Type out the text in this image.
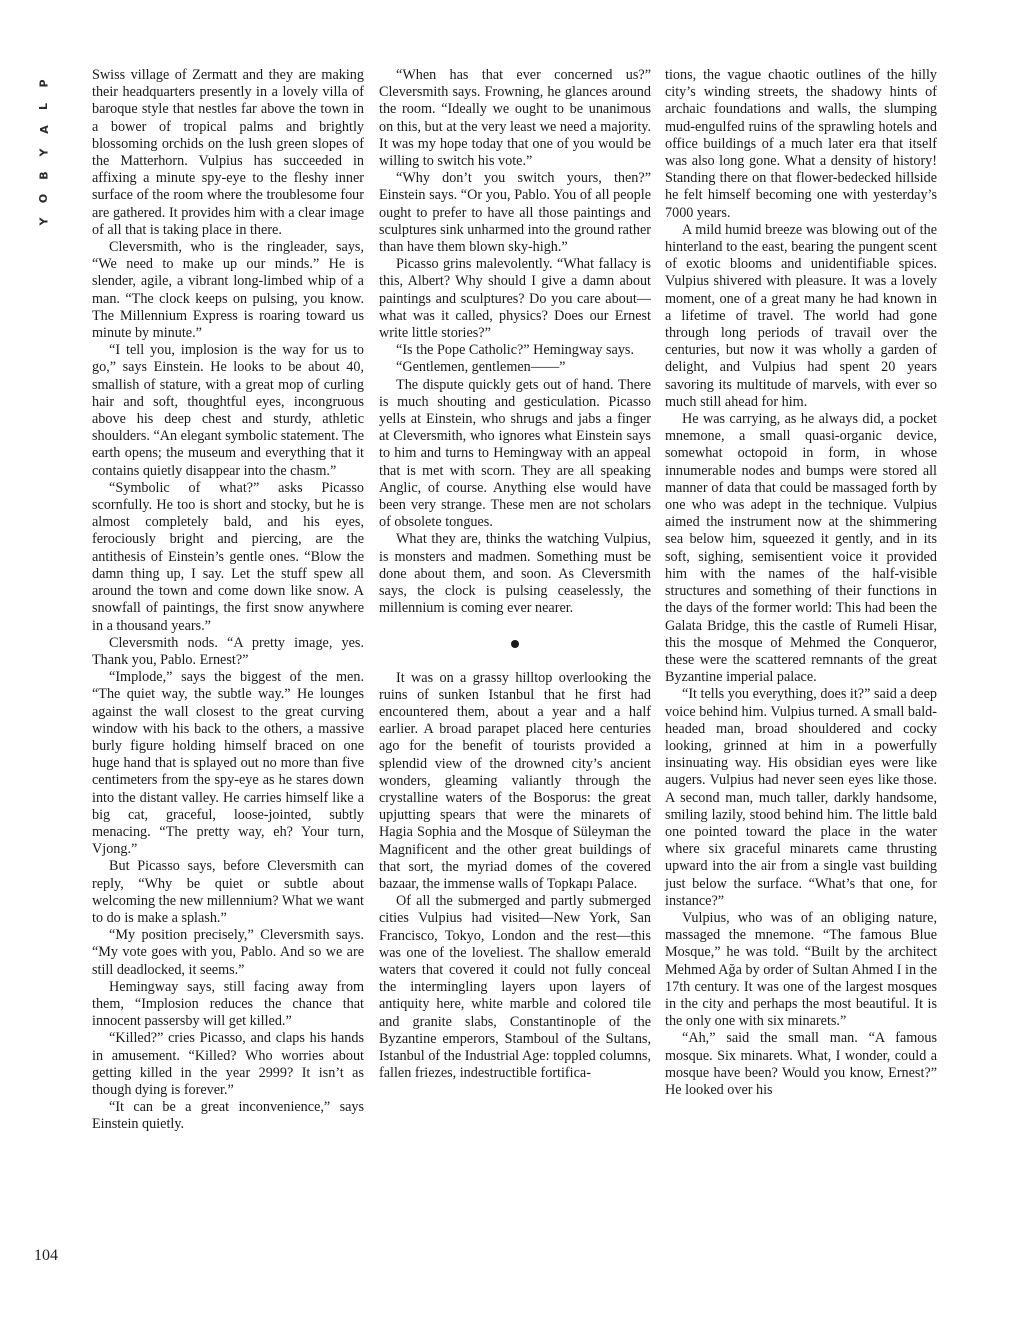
P
L
A
Y
B
O
Y

Swiss village of Zermatt and they are making their headquarters presently in a lovely villa of baroque style that nestles far above the town in a bower of tropical palms and brightly blossoming orchids on the lush green slopes of the Matterhorn. Vulpius has succeeded in affixing a minute spy-eye to the fleshy inner surface of the room where the troublesome four are gathered. It provides him with a clear image of all that is taking place in there.

Cleversmith, who is the ringleader, says, “We need to make up our minds.” He is slender, agile, a vibrant long-limbed whip of a man. “The clock keeps on pulsing, you know. The Millennium Express is roaring toward us minute by minute.”

“I tell you, implosion is the way for us to go,” says Einstein. He looks to be about 40, smallish of stature, with a great mop of curling hair and soft, thoughtful eyes, incongruous above his deep chest and sturdy, athletic shoulders. “An elegant symbolic statement. The earth opens; the museum and everything that it contains quietly disappear into the chasm.”

“Symbolic of what?” asks Picasso scornfully. He too is short and stocky, but he is almost completely bald, and his eyes, ferociously bright and piercing, are the antithesis of Einstein’s gentle ones. “Blow the damn thing up, I say. Let the stuff spew all around the town and come down like snow. A snowfall of paintings, the first snow anywhere in a thousand years.”

Cleversmith nods. “A pretty image, yes. Thank you, Pablo. Ernest?”

“Implode,” says the biggest of the men. “The quiet way, the subtle way.” He lounges against the wall closest to the great curving window with his back to the others, a massive burly figure holding himself braced on one huge hand that is splayed out no more than five centimeters from the spy-eye as he stares down into the distant valley. He carries himself like a big cat, graceful, loose-jointed, subtly menacing. “The pretty way, eh? Your turn, Vjong.”

But Picasso says, before Cleversmith can reply, “Why be quiet or subtle about welcoming the new millennium? What we want to do is make a splash.”

“My position precisely,” Cleversmith says. “My vote goes with you, Pablo. And so we are still deadlocked, it seems.”

Hemingway says, still facing away from them, “Implosion reduces the chance that innocent passersby will get killed.”

“Killed?” cries Picasso, and claps his hands in amusement. “Killed? Who worries about getting killed in the year 2999? It isn’t as though dying is forever.”

“It can be a great inconvenience,” says Einstein quietly.

“When has that ever concerned us?” Cleversmith says. Frowning, he glances around the room. “Ideally we ought to be unanimous on this, but at the very least we need a majority. It was my hope today that one of you would be willing to switch his vote.”

“Why don’t you switch yours, then?” Einstein says. “Or you, Pablo. You of all people ought to prefer to have all those paintings and sculptures sink unharmed into the ground rather than have them blown sky-high.”

Picasso grins malevolently. “What fallacy is this, Albert? Why should I give a damn about paintings and sculptures? Do you care about—what was it called, physics? Does our Ernest write little stories?”

“Is the Pope Catholic?” Hemingway says.

“Gentlemen, gentlemen——”

The dispute quickly gets out of hand. There is much shouting and gesticulation. Picasso yells at Einstein, who shrugs and jabs a finger at Cleversmith, who ignores what Einstein says to him and turns to Hemingway with an appeal that is met with scorn. They are all speaking Anglic, of course. Anything else would have been very strange. These men are not scholars of obsolete tongues.

What they are, thinks the watching Vulpius, is monsters and madmen. Something must be done about them, and soon. As Cleversmith says, the clock is pulsing ceaselessly, the millennium is coming ever nearer.

It was on a grassy hilltop overlooking the ruins of sunken Istanbul that he first had encountered them, about a year and a half earlier. A broad parapet placed here centuries ago for the benefit of tourists provided a splendid view of the drowned city’s ancient wonders, gleaming valiantly through the crystalline waters of the Bosporus: the great upjutting spears that were the minarets of Hagia Sophia and the Mosque of Süleyman the Magnificent and the other great buildings of that sort, the myriad domes of the covered bazaar, the immense walls of Topkapı Palace.

Of all the submerged and partly submerged cities Vulpius had visited—New York, San Francisco, Tokyo, London and the rest—this was one of the loveliest. The shallow emerald waters that covered it could not fully conceal the intermingling layers upon layers of antiquity here, white marble and colored tile and granite slabs, Constantinople of the Byzantine emperors, Stamboul of the Sultans, Istanbul of the Industrial Age: toppled columns, fallen friezes, indestructible fortifica-

tions, the vague chaotic outlines of the hilly city’s winding streets, the shadowy hints of archaic foundations and walls, the slumping mud-engulfed ruins of the sprawling hotels and office buildings of a much later era that itself was also long gone. What a density of history! Standing there on that flower-bedecked hillside he felt himself becoming one with yesterday’s 7000 years.

A mild humid breeze was blowing out of the hinterland to the east, bearing the pungent scent of exotic blooms and unidentifiable spices. Vulpius shivered with pleasure. It was a lovely moment, one of a great many he had known in a lifetime of travel. The world had gone through long periods of travail over the centuries, but now it was wholly a garden of delight, and Vulpius had spent 20 years savoring its multitude of marvels, with ever so much still ahead for him.

He was carrying, as he always did, a pocket mnemone, a small quasi-organic device, somewhat octopoid in form, in whose innumerable nodes and bumps were stored all manner of data that could be massaged forth by one who was adept in the technique. Vulpius aimed the instrument now at the shimmering sea below him, squeezed it gently, and in its soft, sighing, semisentient voice it provided him with the names of the half-visible structures and something of their functions in the days of the former world: This had been the Galata Bridge, this the castle of Rumeli Hisar, this the mosque of Mehmed the Conqueror, these were the scattered remnants of the great Byzantine imperial palace.

“It tells you everything, does it?” said a deep voice behind him. Vulpius turned. A small bald-headed man, broad shouldered and cocky looking, grinned at him in a powerfully insinuating way. His obsidian eyes were like augers. Vulpius had never seen eyes like those. A second man, much taller, darkly handsome, smiling lazily, stood behind him. The little bald one pointed toward the place in the water where six graceful minarets came thrusting upward into the air from a single vast building just below the surface. “What’s that one, for instance?”

Vulpius, who was of an obliging nature, massaged the mnemone. “The famous Blue Mosque,” he was told. “Built by the architect Mehmed Ağa by order of Sultan Ahmed I in the 17th century. It was one of the largest mosques in the city and perhaps the most beautiful. It is the only one with six minarets.”

“Ah,” said the small man. “A famous mosque. Six minarets. What, I wonder, could a mosque have been? Would you know, Ernest?” He looked over his

104
